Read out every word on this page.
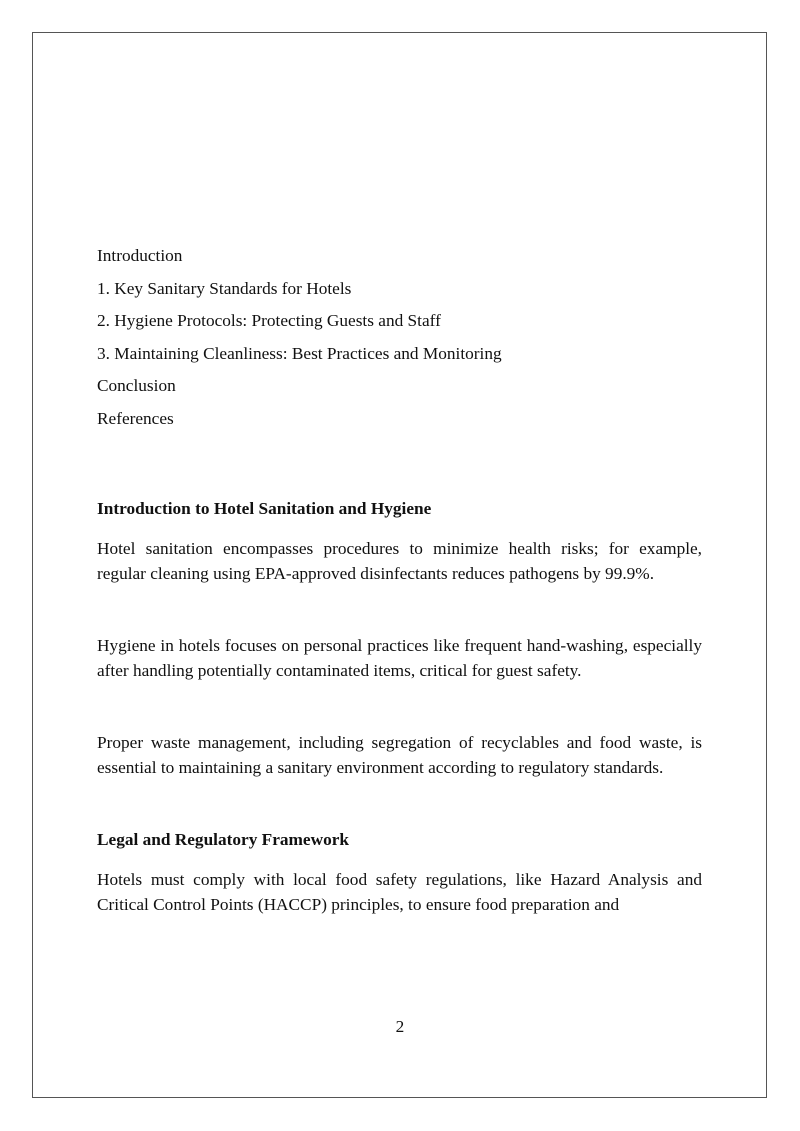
Introduction
1. Key Sanitary Standards for Hotels
2. Hygiene Protocols: Protecting Guests and Staff
3. Maintaining Cleanliness: Best Practices and Monitoring
Conclusion
References
Introduction to Hotel Sanitation and Hygiene

Hotel sanitation encompasses procedures to minimize health risks; for example, regular cleaning using EPA-approved disinfectants reduces pathogens by 99.9%.

Hygiene in hotels focuses on personal practices like frequent hand-washing, especially after handling potentially contaminated items, critical for guest safety.

Proper waste management, including segregation of recyclables and food waste, is essential to maintaining a sanitary environment according to regulatory standards.

Legal and Regulatory Framework

Hotels must comply with local food safety regulations, like Hazard Analysis and Critical Control Points (HACCP) principles, to ensure food preparation and

2
